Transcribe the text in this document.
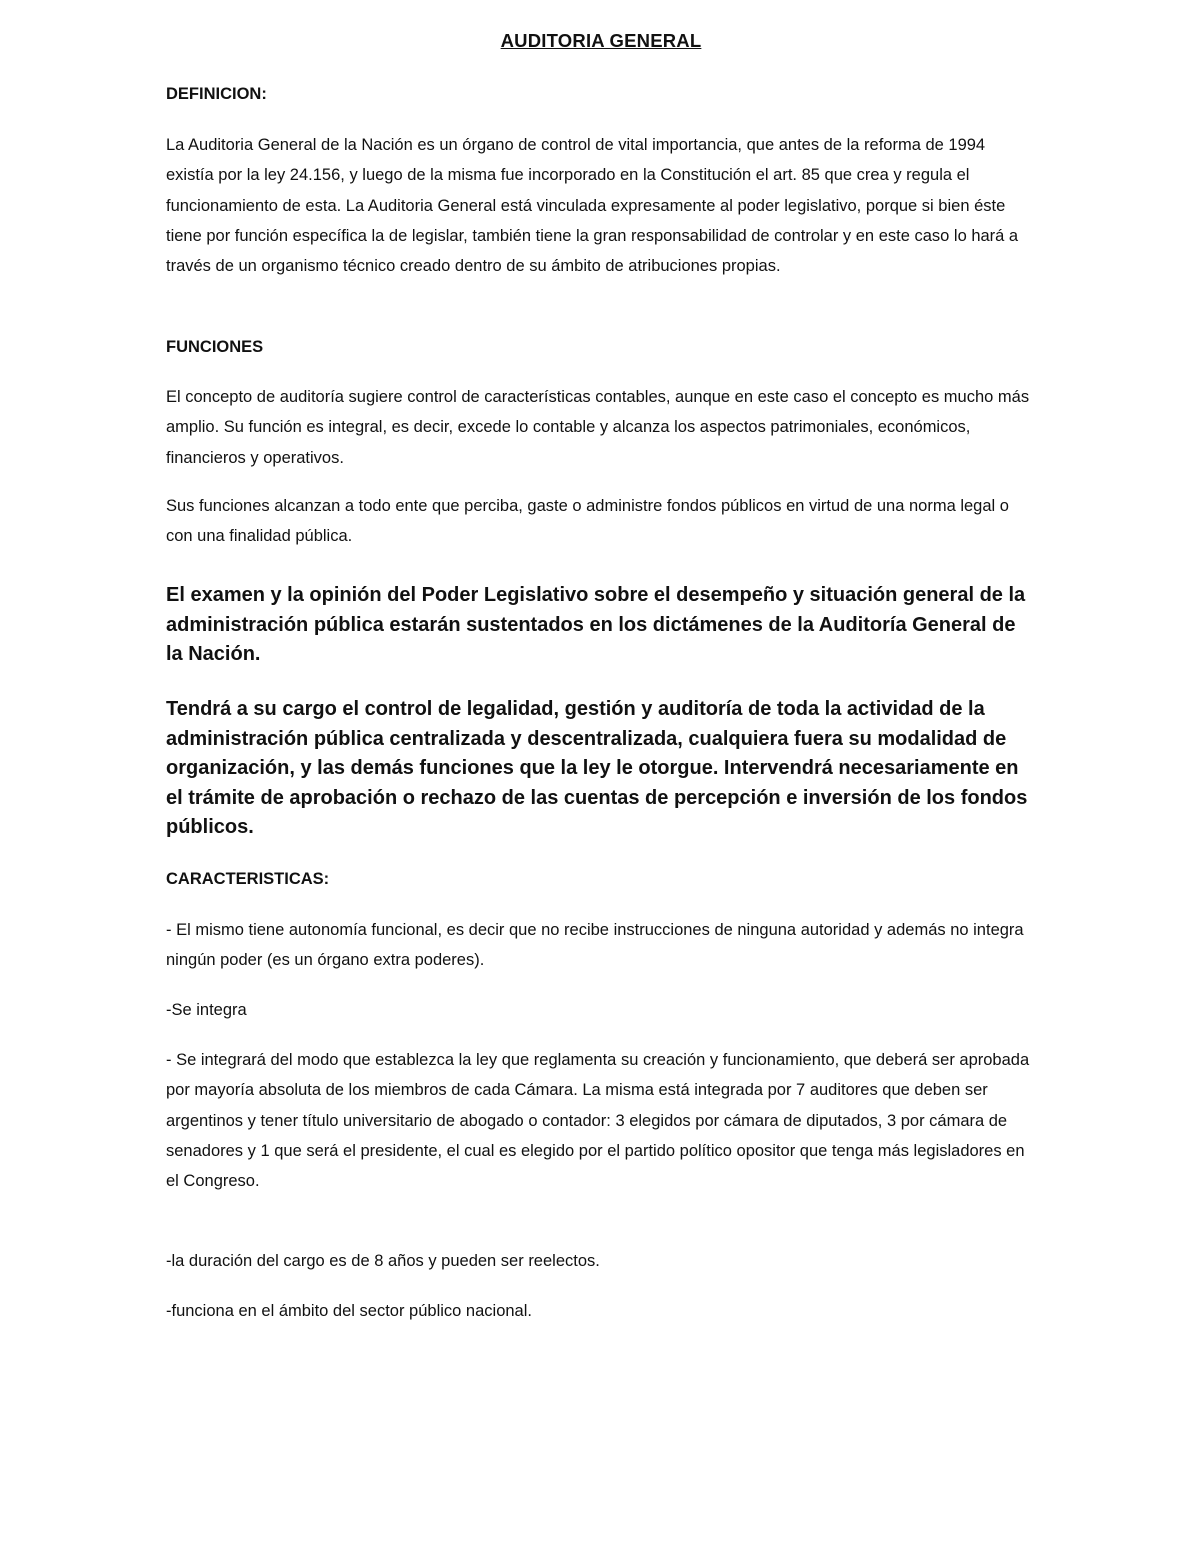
AUDITORIA GENERAL
DEFINICION:
La Auditoria General de la Nación es un órgano de control de vital importancia, que antes de la reforma de 1994 existía por la ley 24.156, y luego de la misma fue incorporado en la Constitución el art. 85 que crea y regula el funcionamiento de esta. La Auditoria General está vinculada expresamente al poder legislativo, porque si bien éste tiene por función específica la de legislar, también tiene la gran responsabilidad de controlar y en este caso lo hará a través de un organismo técnico creado dentro de su ámbito de atribuciones propias.
FUNCIONES
El concepto de auditoría sugiere control de características contables, aunque en este caso el concepto es mucho más amplio. Su función es integral, es decir, excede lo contable y alcanza los aspectos patrimoniales, económicos, financieros y operativos.
Sus funciones alcanzan a todo ente que perciba, gaste o administre fondos públicos en virtud de una norma legal o con una finalidad pública.
El examen y la opinión del Poder Legislativo sobre el desempeño y situación general de la administración pública estarán sustentados en los dictámenes de la Auditoría General de la Nación.
Tendrá a su cargo el control de legalidad, gestión y auditoría de toda la actividad de la administración pública centralizada y descentralizada, cualquiera fuera su modalidad de organización, y las demás funciones que la ley le otorgue. Intervendrá necesariamente en el trámite de aprobación o rechazo de las cuentas de percepción e inversión de los fondos públicos.
CARACTERISTICAS:
- El mismo tiene autonomía funcional, es decir que no recibe instrucciones de ninguna autoridad y además no integra ningún poder (es un órgano extra poderes).
-Se integra
- Se integrará del modo que establezca la ley que reglamenta su creación y funcionamiento, que deberá ser aprobada por mayoría absoluta de los miembros de cada Cámara. La misma está integrada por 7 auditores que deben ser argentinos y tener título universitario de abogado o contador: 3 elegidos por cámara de diputados, 3 por cámara de senadores y 1 que será el presidente, el cual es elegido por el partido político opositor que tenga más legisladores en el Congreso.
-la duración del cargo es de 8 años y pueden ser reelectos.
-funciona en el ámbito del sector público nacional.
